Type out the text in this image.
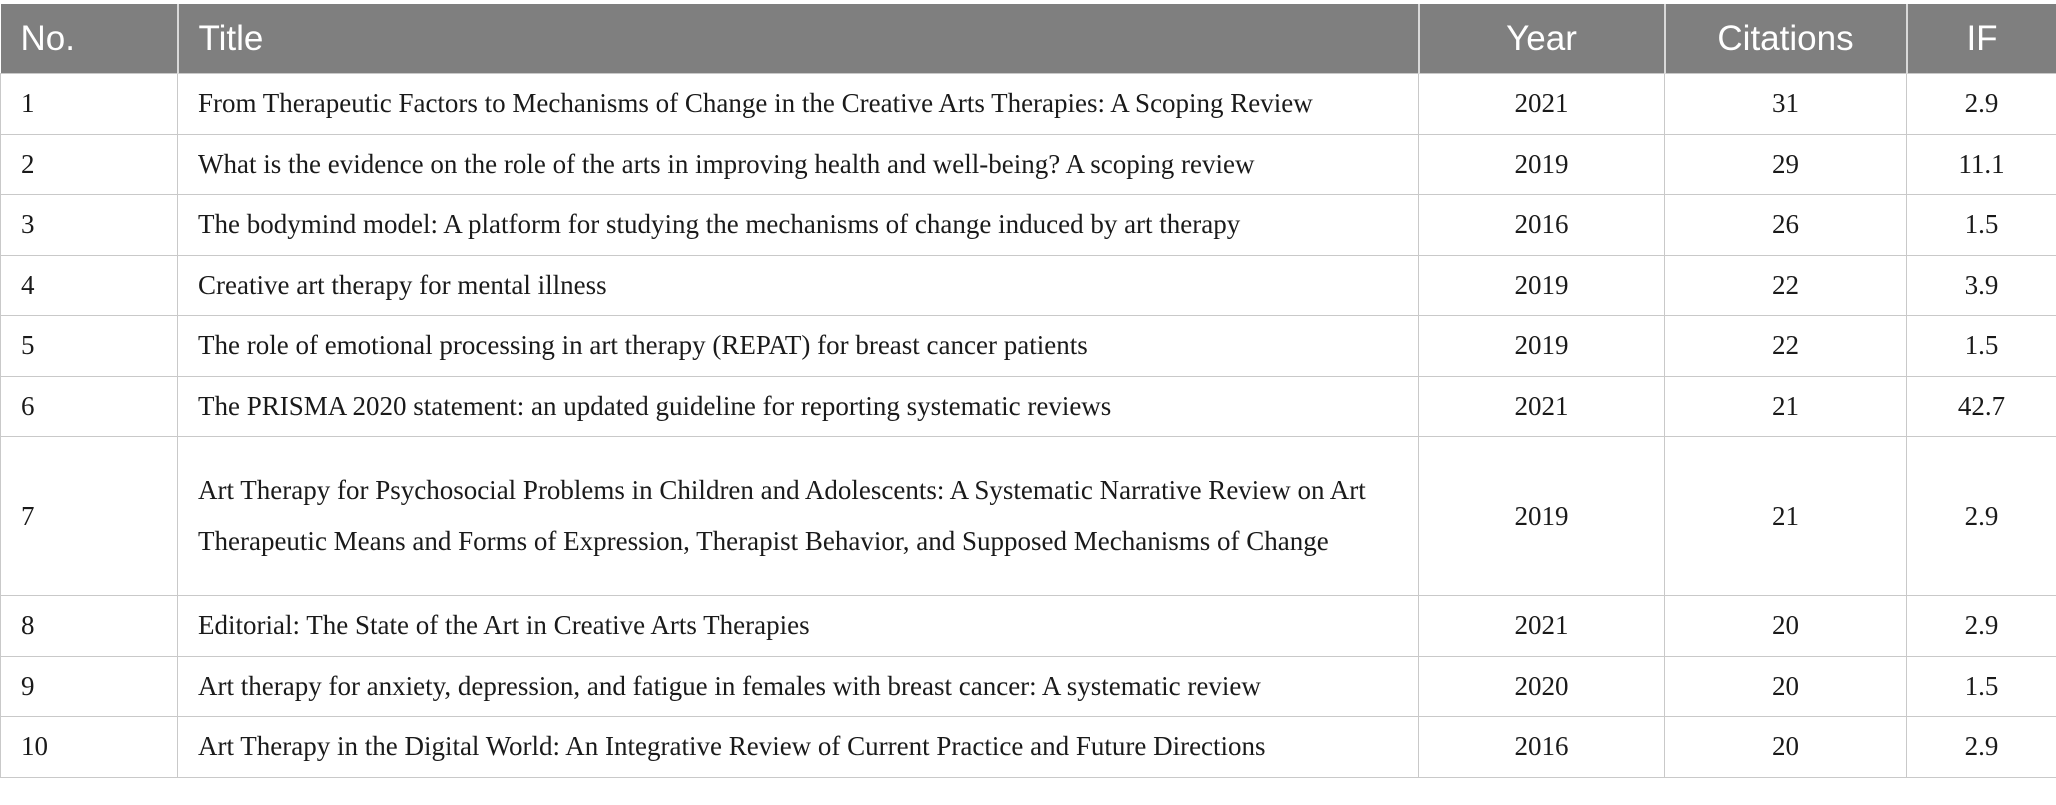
No.	Title	Year	Citations	IF
1	From Therapeutic Factors to Mechanisms of Change in the Creative Arts Therapies: A Scoping Review	2021	31	2.9
2	What is the evidence on the role of the arts in improving health and well-being? A scoping review	2019	29	11.1
3	The bodymind model: A platform for studying the mechanisms of change induced by art therapy	2016	26	1.5
4	Creative art therapy for mental illness	2019	22	3.9
5	The role of emotional processing in art therapy (REPAT) for breast cancer patients	2019	22	1.5
6	The PRISMA 2020 statement: an updated guideline for reporting systematic reviews	2021	21	42.7
7	Art Therapy for Psychosocial Problems in Children and Adolescents: A Systematic Narrative Review on Art Therapeutic Means and Forms of Expression, Therapist Behavior, and Supposed Mechanisms of Change	2019	21	2.9
8	Editorial: The State of the Art in Creative Arts Therapies	2021	20	2.9
9	Art therapy for anxiety, depression, and fatigue in females with breast cancer: A systematic review	2020	20	1.5
10	Art Therapy in the Digital World: An Integrative Review of Current Practice and Future Directions	2016	20	2.9
